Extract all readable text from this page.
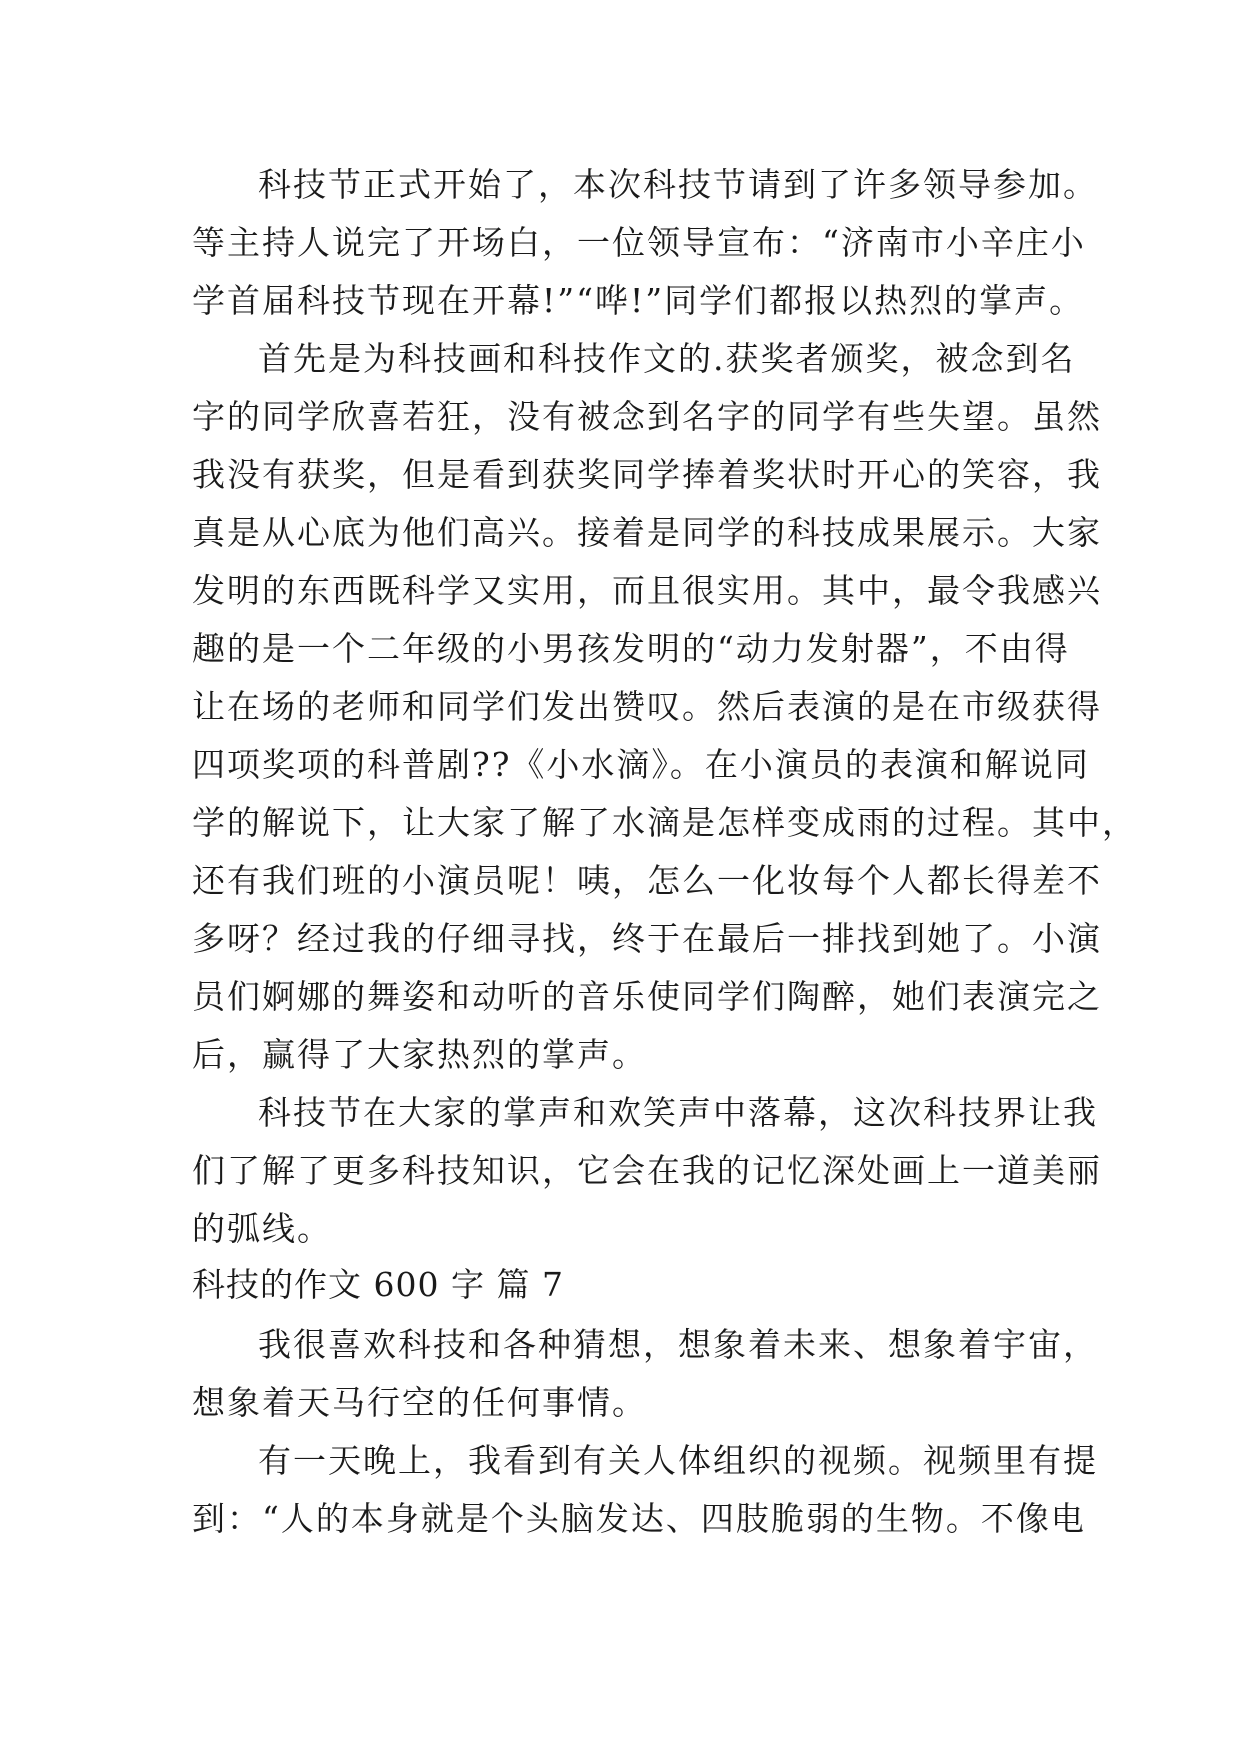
科技节正式开始了，本次科技节请到了许多领导参加。
等主持人说完了开场白，一位领导宣布：“济南市小辛庄小
学首届科技节现在开幕!”“哗!”同学们都报以热烈的掌声。
首先是为科技画和科技作文的.获奖者颁奖，被念到名
字的同学欣喜若狂，没有被念到名字的同学有些失望。虽然
我没有获奖，但是看到获奖同学捧着奖状时开心的笑容，我
真是从心底为他们高兴。接着是同学的科技成果展示。大家
发明的东西既科学又实用，而且很实用。其中，最令我感兴
趣的是一个二年级的小男孩发明的“动力发射器”，不由得
让在场的老师和同学们发出赞叹。然后表演的是在市级获得
四项奖项的科普剧??《小水滴》。在小演员的表演和解说同
学的解说下，让大家了解了水滴是怎样变成雨的过程。其中，
还有我们班的小演员呢！咦，怎么一化妆每个人都长得差不
多呀？经过我的仔细寻找，终于在最后一排找到她了。小演
员们婀娜的舞姿和动听的音乐使同学们陶醉，她们表演完之
后，赢得了大家热烈的掌声。
科技节在大家的掌声和欢笑声中落幕，这次科技界让我
们了解了更多科技知识，它会在我的记忆深处画上一道美丽
的弧线。
科技的作文 600 字 篇 7
我很喜欢科技和各种猜想，想象着未来、想象着宇宙，
想象着天马行空的任何事情。
有一天晚上，我看到有关人体组织的视频。视频里有提
到：“人的本身就是个头脑发达、四肢脆弱的生物。不像电
